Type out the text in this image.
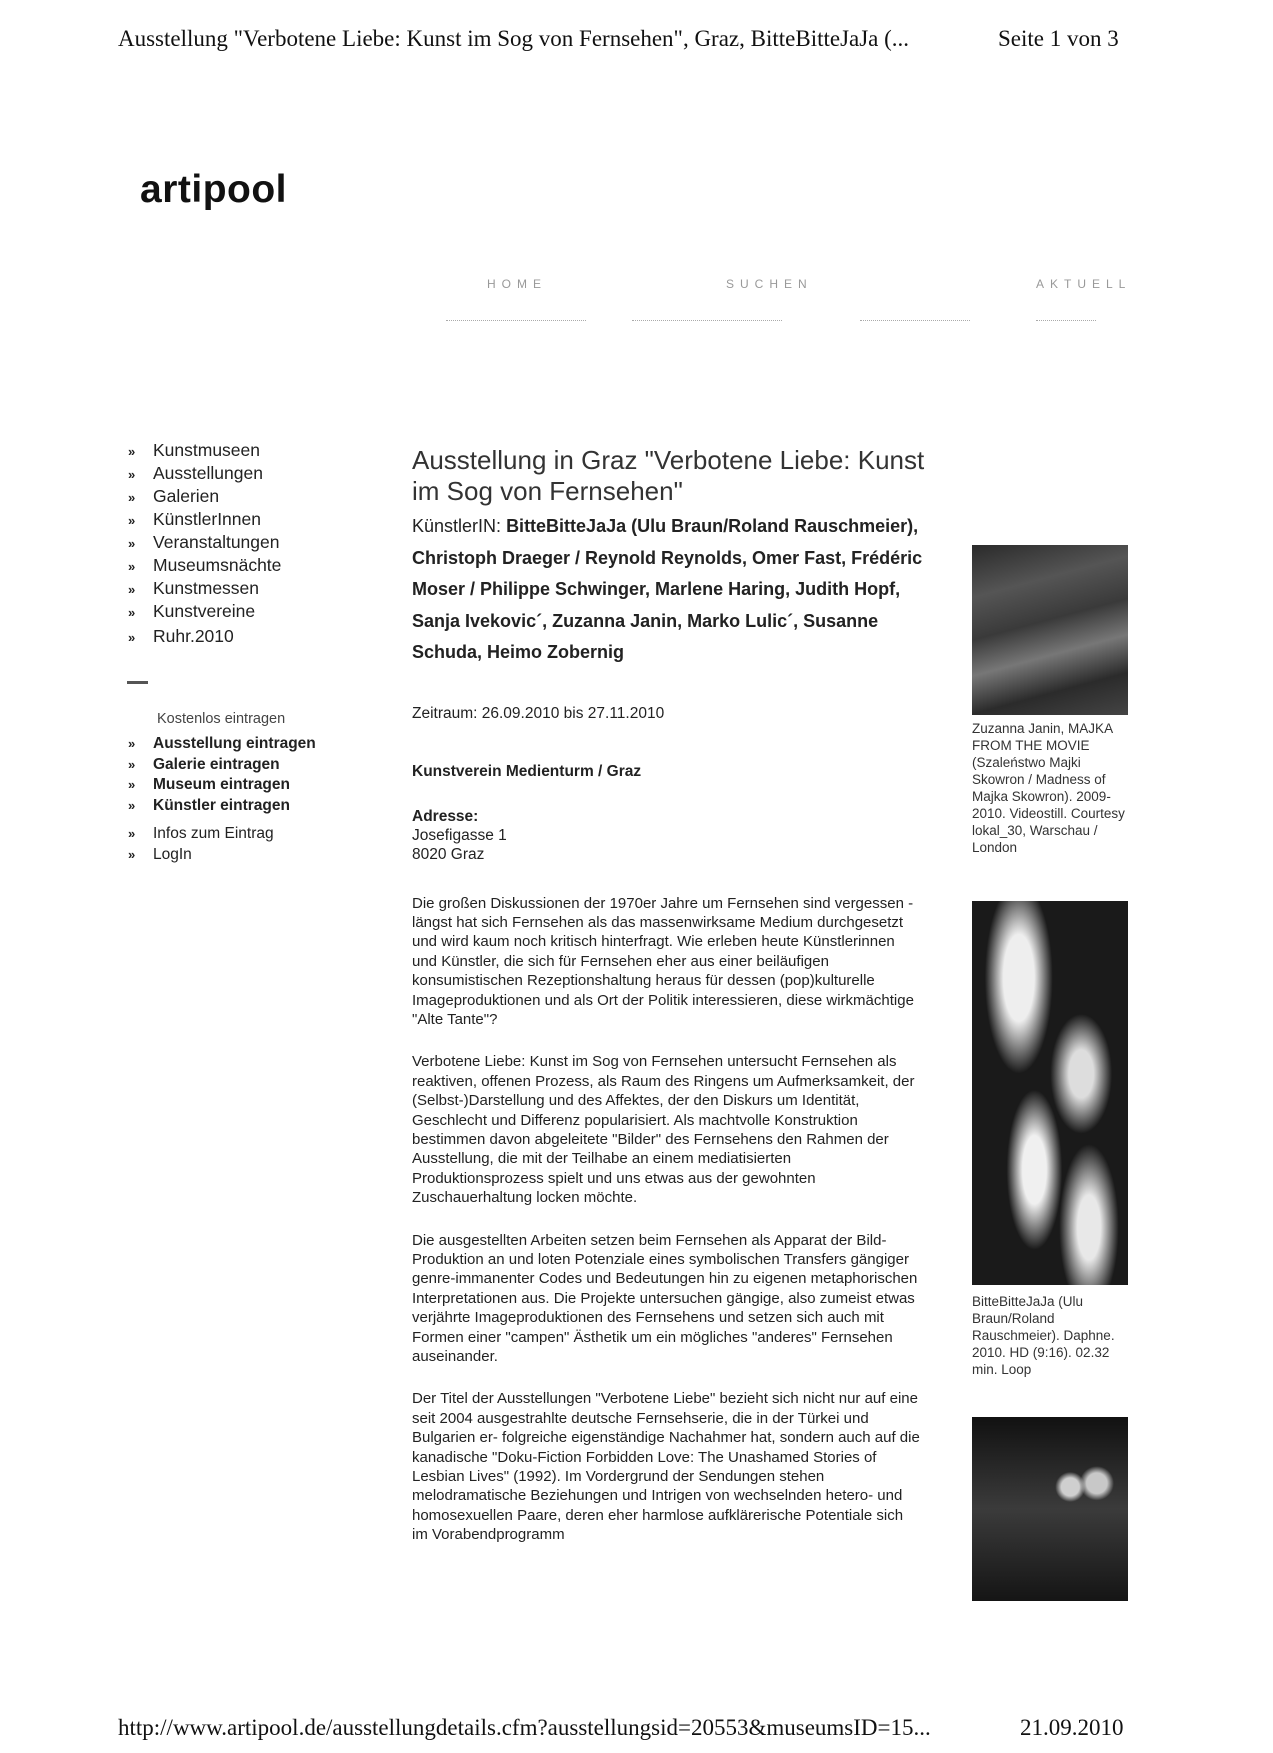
Ausstellung "Verbotene Liebe: Kunst im Sog von Fernsehen", Graz, BitteBitteJaJa (...	Seite 1 von 3
artipool
HOME	SUCHEN	AKTUELL
»	Kunstmuseen
»	Ausstellungen
»	Galerien
»	KünstlerInnen
»	Veranstaltungen
»	Museumsnächte
»	Kunstmessen
»	Kunstvereine
»	Ruhr.2010
Kostenlos eintragen
»	Ausstellung eintragen
»	Galerie eintragen
»	Museum eintragen
»	Künstler eintragen
»	Infos zum Eintrag
»	LogIn
Ausstellung in Graz "Verbotene Liebe: Kunst im Sog von Fernsehen"
KünstlerIN: BitteBitteJaJa (Ulu Braun/Roland Rauschmeier), Christoph Draeger / Reynold Reynolds, Omer Fast, Frédéric Moser / Philippe Schwinger, Marlene Haring, Judith Hopf, Sanja Ivekovic´, Zuzanna Janin, Marko Lulic´, Susanne Schuda, Heimo Zobernig
Zeitraum: 26.09.2010 bis 27.11.2010
Kunstverein Medienturm / Graz
Adresse:
Josefigasse 1
8020 Graz
Die großen Diskussionen der 1970er Jahre um Fernsehen sind vergessen - längst hat sich Fernsehen als das massenwirksame Medium durchgesetzt und wird kaum noch kritisch hinterfragt. Wie erleben heute Künstlerinnen und Künstler, die sich für Fernsehen eher aus einer beiläufigen konsumistischen Rezeptionshaltung heraus für dessen (pop)kulturelle Imageproduktionen und als Ort der Politik interessieren, diese wirkmächtige "Alte Tante"?
Verbotene Liebe: Kunst im Sog von Fernsehen untersucht Fernsehen als reaktiven, offenen Prozess, als Raum des Ringens um Aufmerksamkeit, der (Selbst-)Darstellung und des Affektes, der den Diskurs um Identität, Geschlecht und Differenz popularisiert. Als machtvolle Konstruktion bestimmen davon abgeleitete "Bilder" des Fernsehens den Rahmen der Ausstellung, die mit der Teilhabe an einem mediatisierten Produktionsprozess spielt und uns etwas aus der gewohnten Zuschauerhaltung locken möchte.
Die ausgestellten Arbeiten setzen beim Fernsehen als Apparat der Bild-Produktion an und loten Potenziale eines symbolischen Transfers gängiger genre-immanenter Codes und Bedeutungen hin zu eigenen metaphorischen Interpretationen aus. Die Projekte untersuchen gängige, also zumeist etwas verjährte Imageproduktionen des Fernsehens und setzen sich auch mit Formen einer "campen" Ästhetik um ein mögliches "anderes" Fernsehen auseinander.
Der Titel der Ausstellungen "Verbotene Liebe" bezieht sich nicht nur auf eine seit 2004 ausgestrahlte deutsche Fernsehserie, die in der Türkei und Bulgarien er- folgreiche eigenständige Nachahmer hat, sondern auch auf die kanadische "Doku-Fiction Forbidden Love: The Unashamed Stories of Lesbian Lives" (1992). Im Vordergrund der Sendungen stehen melodramatische Beziehungen und Intrigen von wechselnden hetero- und homosexuellen Paare, deren eher harmlose aufklärerische Potentiale sich im Vorabendprogramm
Zuzanna Janin, MAJKA FROM THE MOVIE (Szaleństwo Majki Skowron / Madness of Majka Skowron). 2009-2010. Videostill. Courtesy lokal_30, Warschau / London
BitteBitteJaJa (Ulu Braun/Roland Rauschmeier). Daphne. 2010. HD (9:16). 02.32 min. Loop
http://www.artipool.de/ausstellungdetails.cfm?ausstellungsid=20553&museumsID=15...	21.09.2010
